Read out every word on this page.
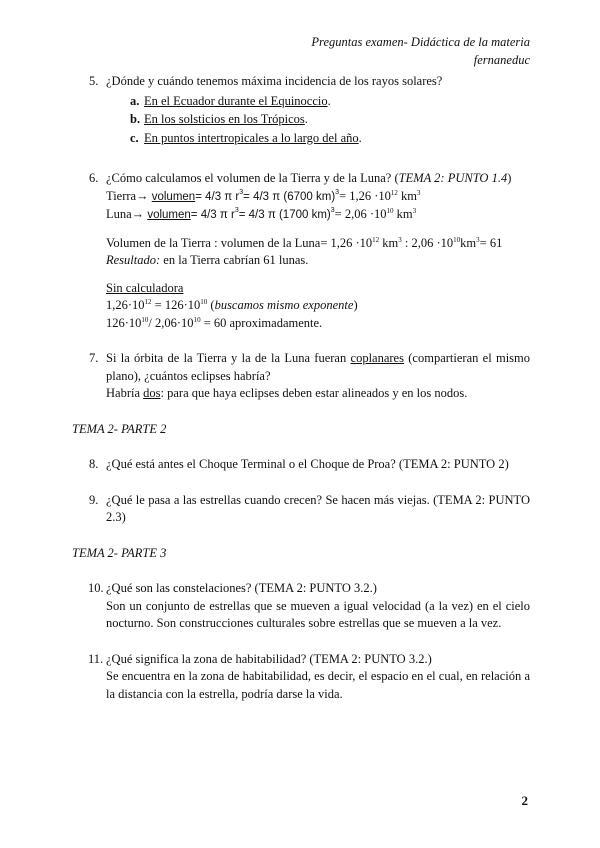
Preguntas examen- Didáctica de la materia
fernaneduc
5. ¿Dónde y cuándo tenemos máxima incidencia de los rayos solares?

a. En el Ecuador durante el Equinoccio.
b. En los solsticios en los Trópicos.
c. En puntos intertropicales a lo largo del año.
6. ¿Cómo calculamos el volumen de la Tierra y de la Luna? (TEMA 2: PUNTO 1.4)

Tierra→ volumen= 4/3 π $r^3= 4/3$ π (6700 $km)^3= 1,26 \cdot 10^{12}$ $km^3$

Luna→ volumen= 4/3 π $r^3= 4/3$ π (1700 $km)^3= 2,06 \cdot 10^{10}$ $km^3$

Volumen de la Tierra : volumen de la Luna= $1,26 \cdot 10^{12}$ $km^3$ : $2,06 \cdot 10^{10}km^3= 61$

Resultado: en la Tierra cabrían 61 lunas.

Sin calculadora

$1,26\cdot 10^{12} = 126\cdot 10^{10}$ (buscamos mismo exponente)

$126\cdot 10^{10}/$ $2,06\cdot 10^{10} = 60$ aproximadamente.

7. Si la órbita de la Tierra y la de la Luna fueran coplanares (compartieran el mismo plano), ¿cuántos eclipses habría?

Habría dos: para que haya eclipses deben estar alineados y en los nodos.

TEMA 2- PARTE 2

8. ¿Qué está antes el Choque Terminal o el Choque de Proa? (TEMA 2: PUNTO 2)

9. ¿Qué le pasa a las estrellas cuando crecen? Se hacen más viejas. (TEMA 2: PUNTO 2.3)

TEMA 2- PARTE 3

10. ¿Qué son las constelaciones? (TEMA 2: PUNTO 3.2.)

Son un conjunto de estrellas que se mueven a igual velocidad (a la vez) en el cielo nocturno. Son construcciones culturales sobre estrellas que se mueven a la vez.

11. ¿Qué significa la zona de habitabilidad? (TEMA 2: PUNTO 3.2.)

Se encuentra en la zona de habitabilidad, es decir, el espacio en el cual, en relación a la distancia con la estrella, podría darse la vida.

2
